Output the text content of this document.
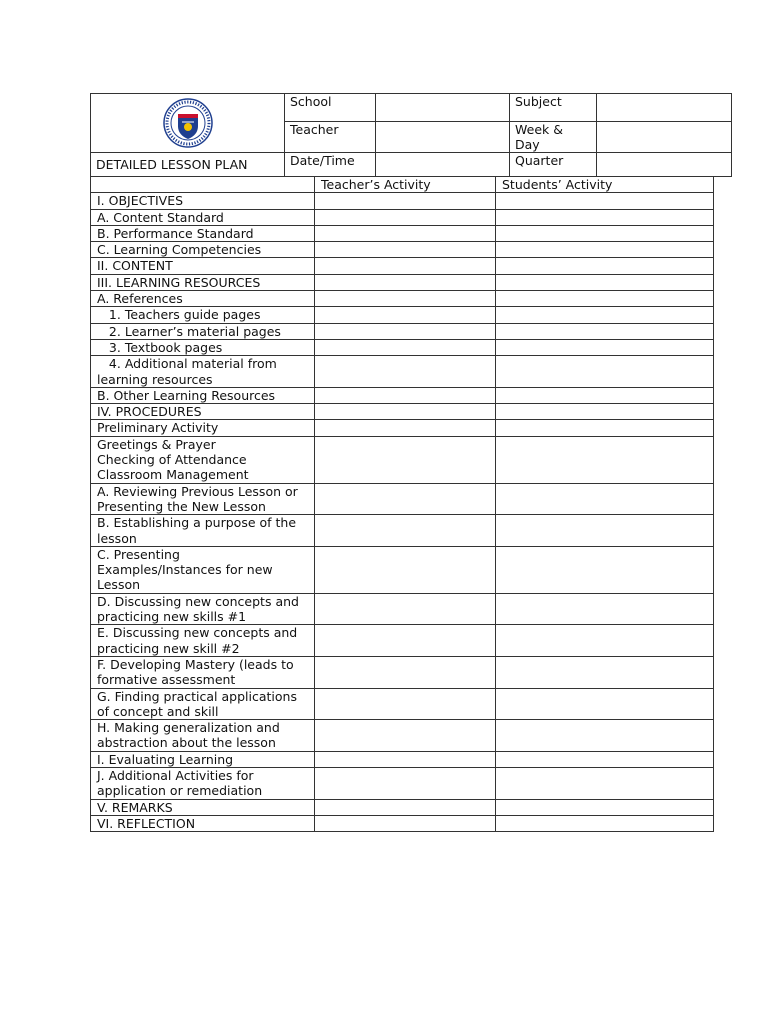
	School		Subject	
	Teacher		Week & Day	
DETAILED LESSON PLAN	Date/Time		Quarter	
	Teacher’s Activity	Students’ Activity
I. OBJECTIVES		
A. Content Standard		
B. Performance Standard		
C. Learning Competencies		
II. CONTENT		
III. LEARNING RESOURCES		
A. References		
1. Teachers guide pages		
2. Learner’s material pages		
3. Textbook pages		
4. Additional material from learning resources		
B. Other Learning Resources		
IV. PROCEDURES		
Preliminary Activity		
Greetings & Prayer
Checking of Attendance
Classroom Management		
A. Reviewing Previous Lesson or Presenting the New Lesson		
B. Establishing a purpose of the lesson		
C. Presenting Examples/Instances for new Lesson		
D. Discussing new concepts and practicing new skills #1		
E. Discussing new concepts and practicing new skill #2		
F. Developing Mastery (leads to formative assessment		
G. Finding practical applications of concept and skill		
H. Making generalization and abstraction about the lesson		
I. Evaluating Learning		
J. Additional Activities for application or remediation		
V. REMARKS		
VI. REFLECTION		
